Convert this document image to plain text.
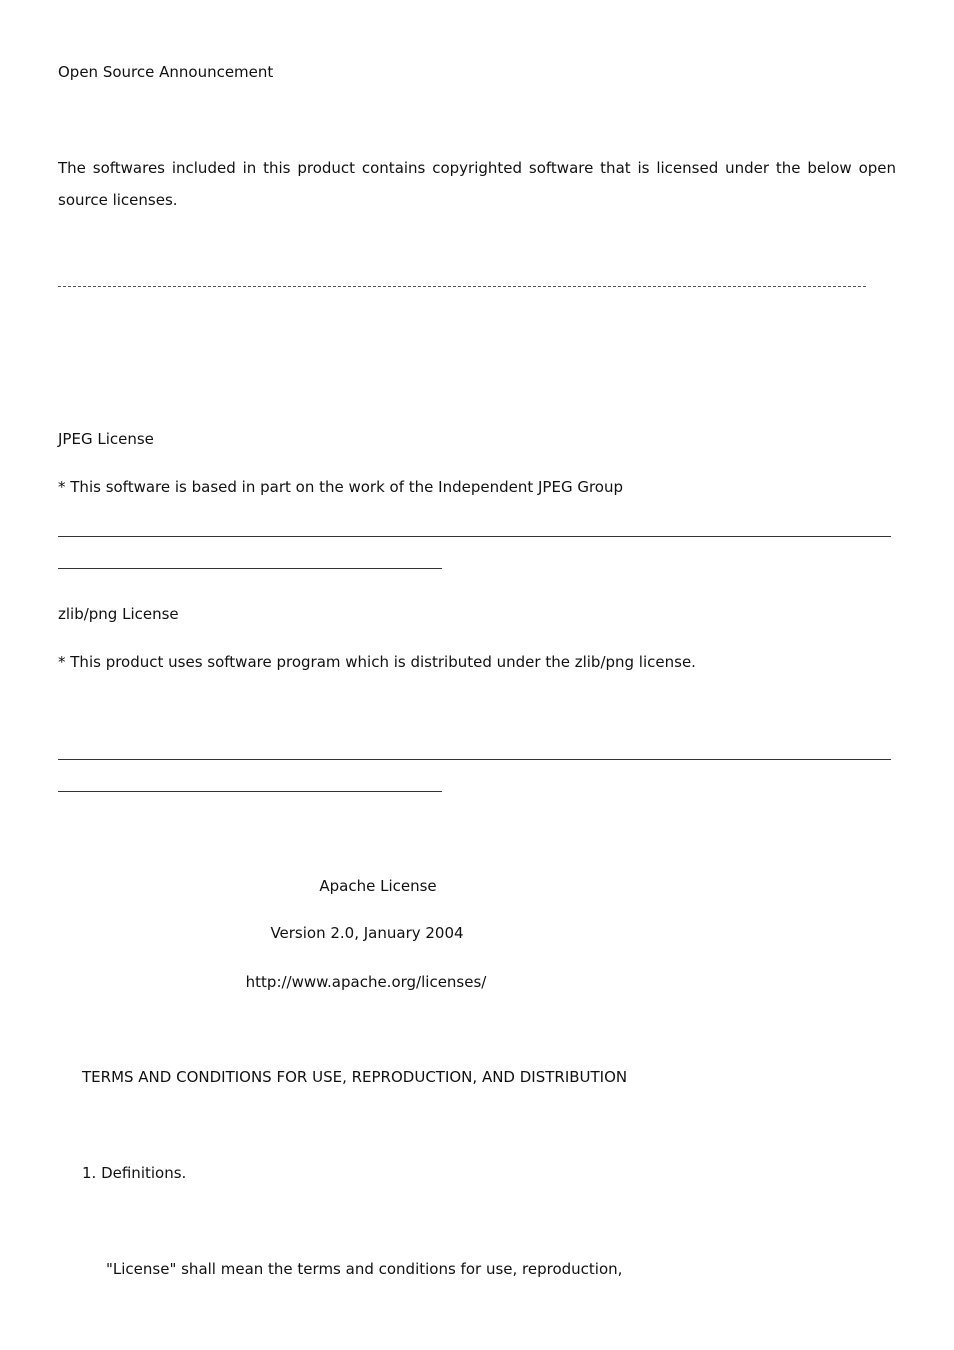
Open Source Announcement
The softwares included in this product contains copyrighted software that is licensed under the below open source licenses.
JPEG License
* This software is based in part on the work of the Independent JPEG Group
zlib/png License
* This product uses software program which is distributed under the zlib/png license.
Apache License
Version 2.0, January 2004
http://www.apache.org/licenses/
TERMS AND CONDITIONS FOR USE, REPRODUCTION, AND DISTRIBUTION
1. Definitions.
"License" shall mean the terms and conditions for use, reproduction,
